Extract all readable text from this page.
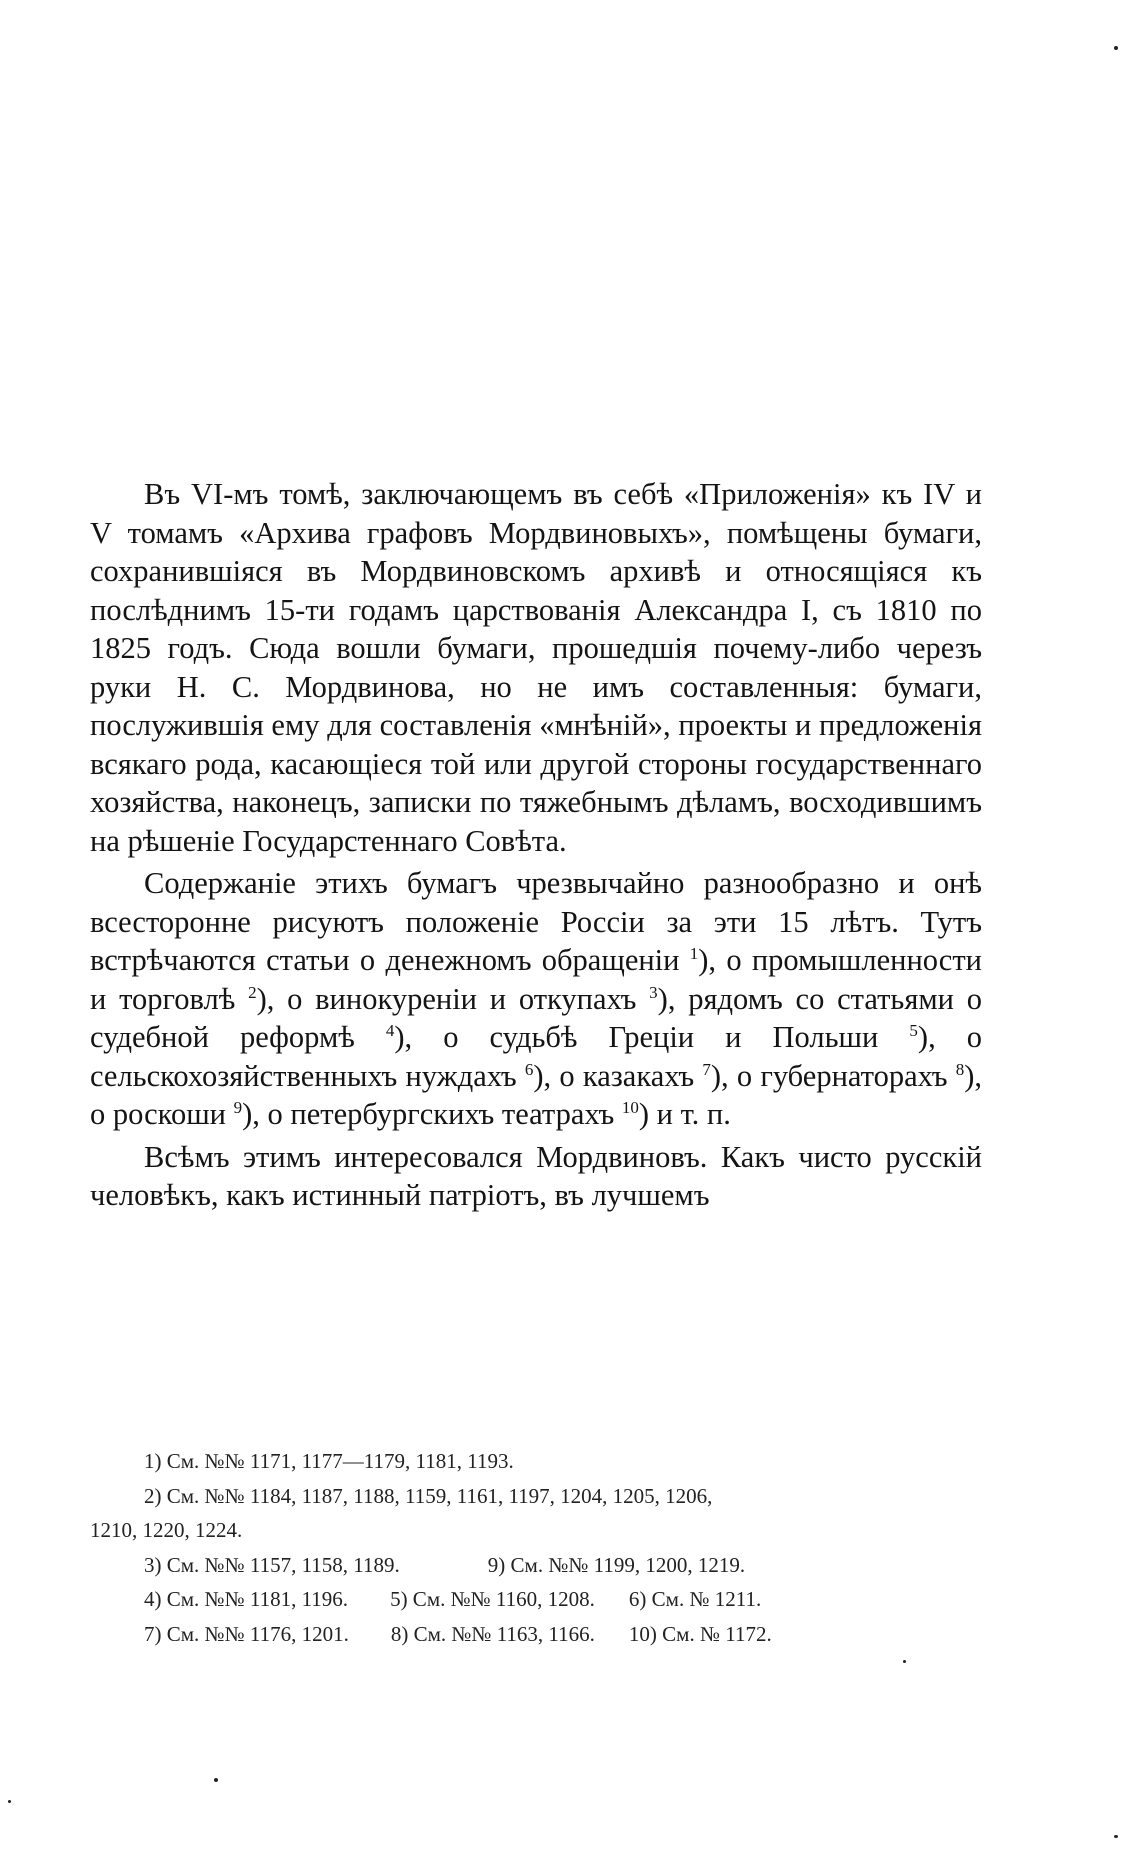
Въ VI-мъ томѣ, заключающемъ въ себѣ «Приложенія» къ IV и V томамъ «Архива графовъ Мордвиновыхъ», помѣщены бумаги, сохранившіяся въ Мордвиновскомъ архивѣ и относящіяся къ послѣднимъ 15-ти годамъ царствованія Александра I, съ 1810 по 1825 годъ. Сюда вошли бумаги, прошедшія почему-либо черезъ руки Н. С. Мордвинова, но не имъ составленныя: бумаги, послужившія ему для составленія «мнѣній», проекты и предложенія всякаго рода, касающіеся той или другой стороны государственнаго хозяйства, наконецъ, записки по тяжебнымъ дѣламъ, восходившимъ на рѣшеніе Государстеннаго Совѣта.

Содержаніе этихъ бумагъ чрезвычайно разнообразно и онѣ всесторонне рисуютъ положеніе Россіи за эти 15 лѣтъ. Тутъ встрѣчаются статьи о денежномъ обращеніи $^1$), о промышленности и торговлѣ $^2$), о винокуреніи и откупахъ $^3$), рядомъ со статьями о судебной реформѣ $^4$), о судьбѣ Греціи и Польши $^5$), о сельскохозяйственныхъ нуждахъ $^6$), о казакахъ $^7$), о губернаторахъ $^8$), о роскоши $^9$), о петербургскихъ театрахъ $^{10}$) и т. п.

Всѣмъ этимъ интересовался Мордвиновъ. Какъ чисто русскій человѣкъ, какъ истинный патріотъ, въ лучшемъ

1) См. №№ 1171, 1177—1179, 1181, 1193.
2) См. №№ 1184, 1187, 1188, 1159, 1161, 1197, 1204, 1205, 1206,
1210, 1220, 1224.
3) См. №№ 1157, 1158, 1189.	9) См. №№ 1199, 1200, 1219.
4) См. №№ 1181, 1196. 5) См. №№ 1160, 1208. 6) См. № 1211.
7) См. №№ 1176, 1201. 8) См. №№ 1163, 1166. 10) См. № 1172.
